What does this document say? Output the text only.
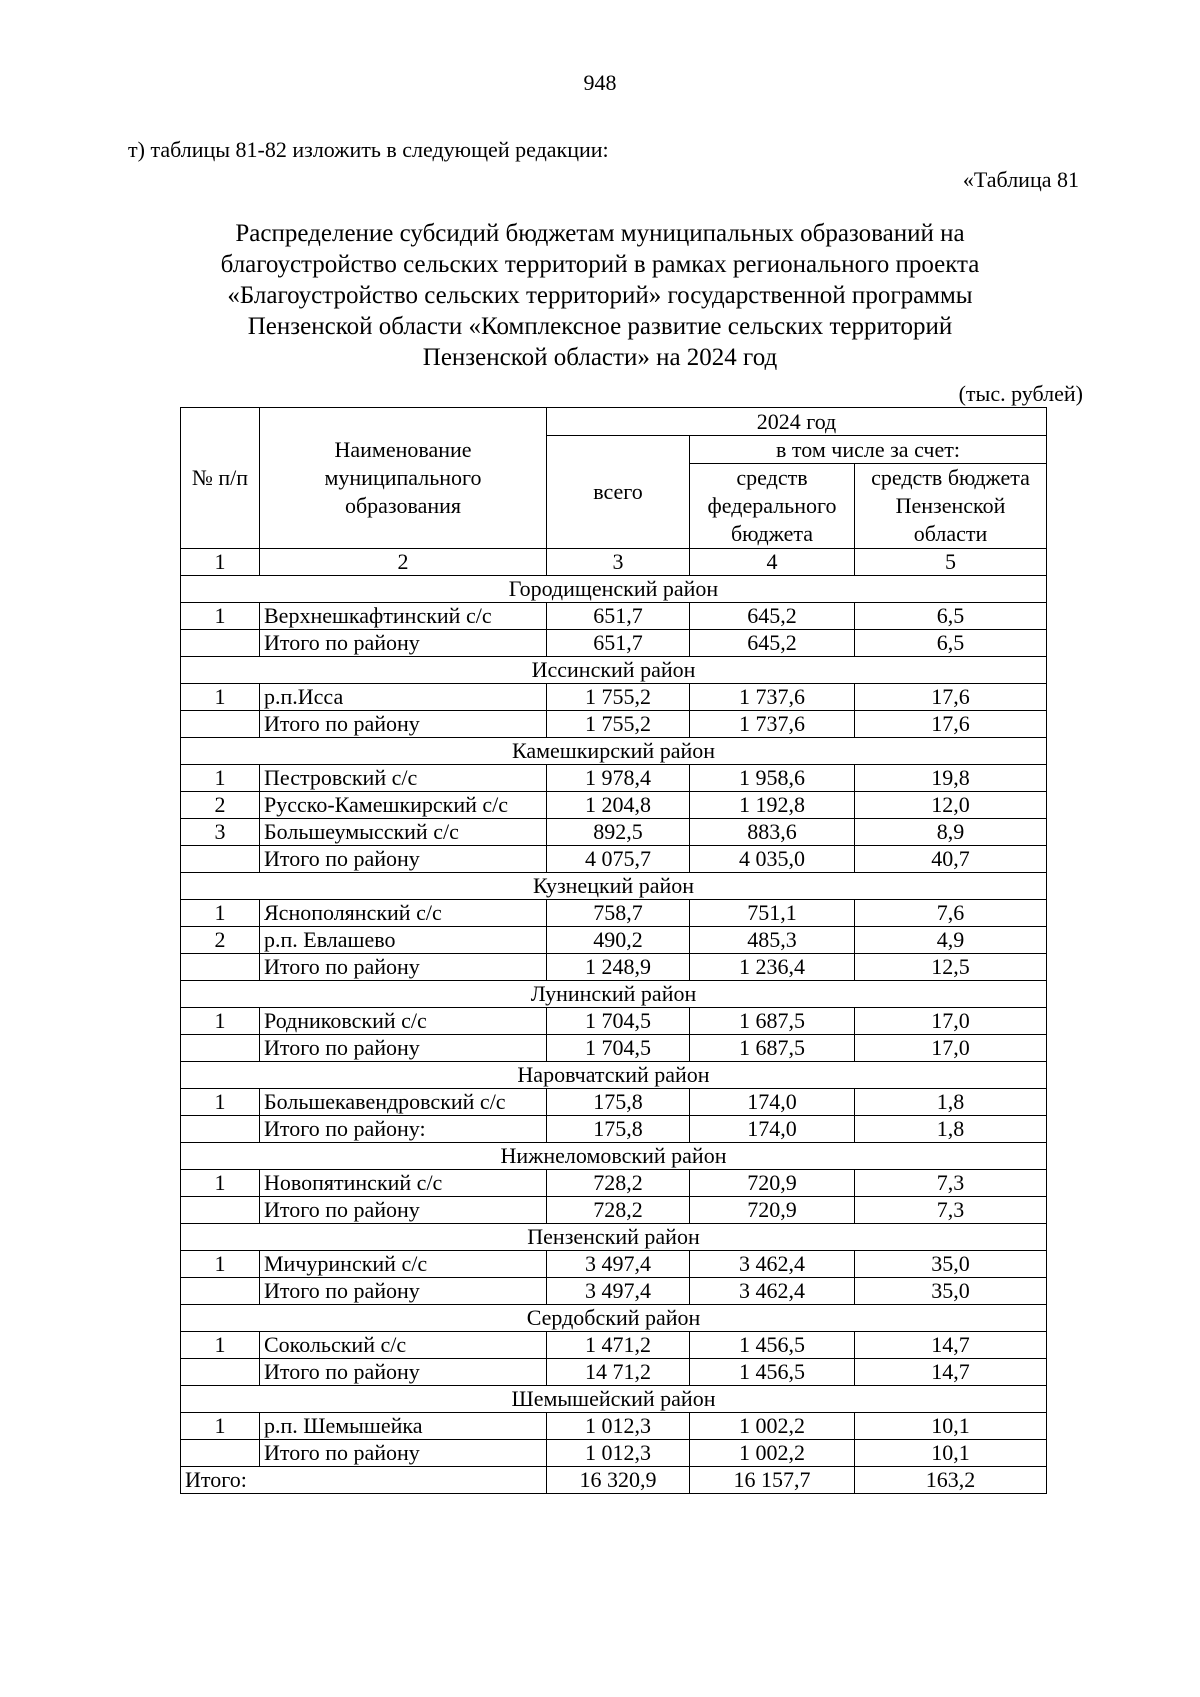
948
т) таблицы 81-82 изложить в следующей редакции:
«Таблица 81
Распределение субсидий бюджетам муниципальных образований на
благоустройство сельских территорий в рамках регионального проекта
«Благоустройство сельских территорий» государственной программы
Пензенской области «Комплексное развитие сельских территорий
Пензенской области» на 2024 год
(тыс. рублей)
№ п/п	Наименование муниципального образования	2024 год		
		всего	в том числе за счет:	
			средств федерального бюджета	средств бюджета Пензенской области
1	2	3	4	5
Городищенский район				
1	Верхнешкафтинский с/с	651,7	645,2	6,5
	Итого по району	651,7	645,2	6,5
Иссинский район				
1	р.п.Исса	1 755,2	1 737,6	17,6
	Итого по району	1 755,2	1 737,6	17,6
Камешкирский район				
1	Пестровский с/с	1 978,4	1 958,6	19,8
2	Русско-Камешкирский с/с	1 204,8	1 192,8	12,0
3	Большеумысский с/с	892,5	883,6	8,9
	Итого по району	4 075,7	4 035,0	40,7
Кузнецкий район				
1	Яснополянский с/с	758,7	751,1	7,6
2	р.п. Евлашево	490,2	485,3	4,9
	Итого по району	1 248,9	1 236,4	12,5
Лунинский район				
1	Родниковский с/с	1 704,5	1 687,5	17,0
	Итого по району	1 704,5	1 687,5	17,0
Наровчатский район				
1	Большекавендровский с/с	175,8	174,0	1,8
	Итого по району:	175,8	174,0	1,8
Нижнеломовский район				
1	Новопятинский с/с	728,2	720,9	7,3
	Итого по району	728,2	720,9	7,3
Пензенский район				
1	Мичуринский с/с	3 497,4	3 462,4	35,0
	Итого по району	3 497,4	3 462,4	35,0
Сердобский район				
1	Сокольский с/с	1 471,2	1 456,5	14,7
	Итого по району	14 71,2	1 456,5	14,7
Шемышейский район				
1	р.п. Шемышейка	1 012,3	1 002,2	10,1
	Итого по району	1 012,3	1 002,2	10,1
Итого:		16 320,9	16 157,7	163,2
